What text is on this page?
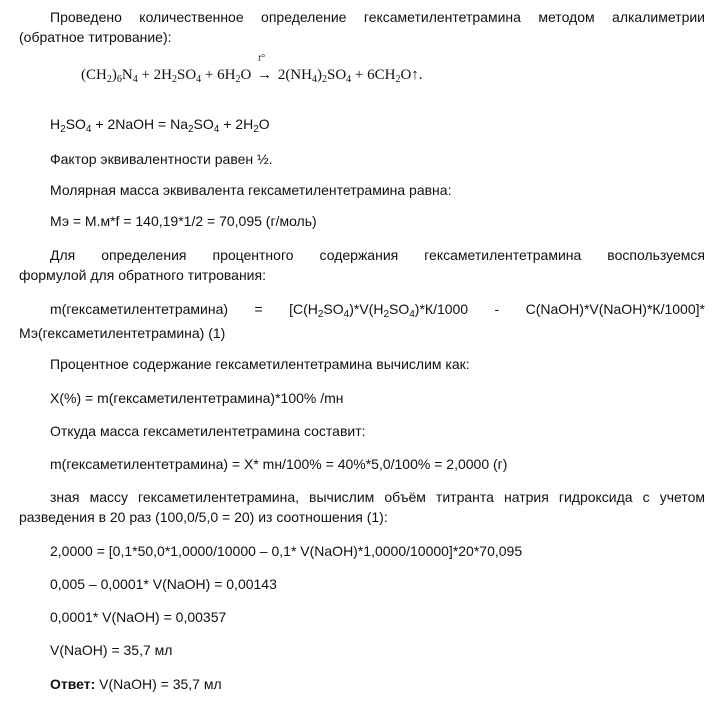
Проведено количественное определение гексаметилентетрамина методом алкалиметрии
(обратное титрование):
$(CH_2)_6N_4 + 2H_2SO_4 + 6H_2O$
t°
→ $2(NH_4)_2SO_4$ + $6CH_2O↑$.
$H_2SO_4$ + 2NaOH = $Na_2SO_4 + 2H_2O$
Фактор эквивалентности равен ½.
Молярная масса эквивалента гексаметилентетрамина равна:
Мэ = М.м*f = 140,19*1/2 = 70,095 (г/моль)
Для определения процентного содержания гексаметилентетрамина воспользуемся
формулой для обратного титрования:
m(гексаметилентетрамина) = [$C(H_2SO_4)*V(H_2SO_4)*К/1000$ - C(NaOH)*V(NaOH)*К/1000]*
Мэ(гексаметилентетрамина) (1)
Процентное содержание гексаметилентетрамина вычислим как:
X(%) = m(гексаметилентетрамина)*100% /mн
Откуда масса гексаметилентетрамина составит:
m(гексаметилентетрамина) = X* mн/100% = 40%*5,0/100% = 2,0000 (г)
зная массу гексаметилентетрамина, вычислим объём титранта натрия гидроксида с учетом
разведения в 20 раз (100,0/5,0 = 20) из соотношения (1):
2,0000 = [0,1*50,0*1,0000/10000 – 0,1* V(NaOH)*1,0000/10000]*20*70,095
0,005 – 0,0001* V(NaOH) = 0,00143
0,0001* V(NaOH) = 0,00357
V(NaOH) = 35,7 мл
Ответ: V(NaOH) = 35,7 мл
